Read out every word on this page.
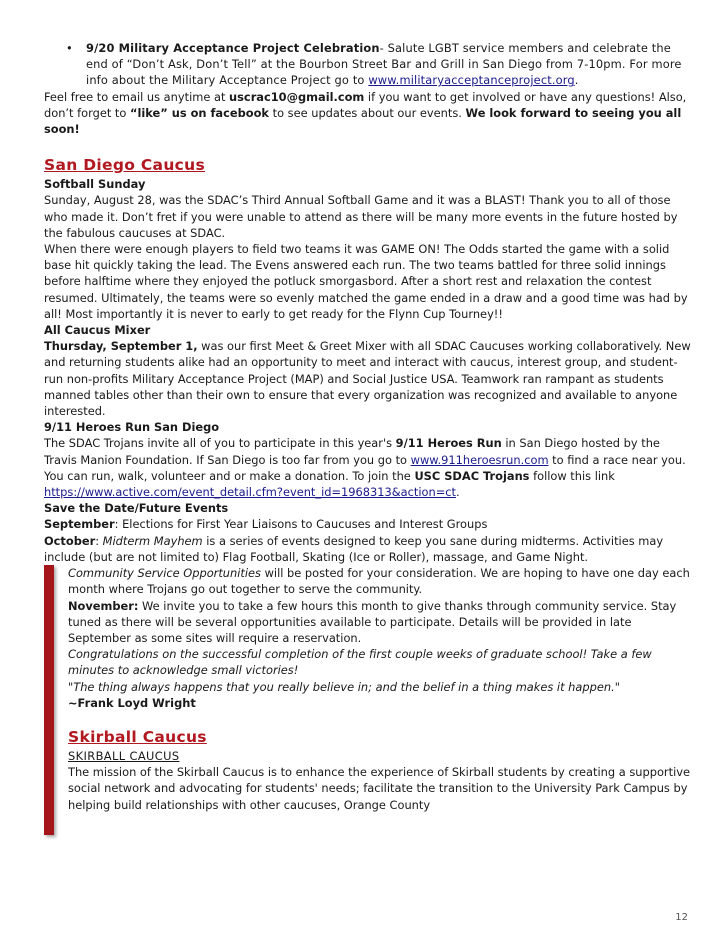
• 9/20 Military Acceptance Project Celebration- Salute LGBT service members and celebrate the end of “Don’t Ask, Don’t Tell” at the Bourbon Street Bar and Grill in San Diego from 7-10pm. For more info about the Military Acceptance Project go to www.militaryacceptanceproject.org.

Feel free to email us anytime at uscrac10@gmail.com if you want to get involved or have any questions! Also, don’t forget to “like” us on facebook to see updates about our events. We look forward to seeing you all soon!

San Diego Caucus

Softball Sunday

Sunday, August 28, was the SDAC’s Third Annual Softball Game and it was a BLAST! Thank you to all of those who made it. Don’t fret if you were unable to attend as there will be many more events in the future hosted by the fabulous caucuses at SDAC.

When there were enough players to field two teams it was GAME ON! The Odds started the game with a solid base hit quickly taking the lead. The Evens answered each run. The two teams battled for three solid innings before halftime where they enjoyed the potluck smorgasbord. After a short rest and relaxation the contest resumed. Ultimately, the teams were so evenly matched the game ended in a draw and a good time was had by all! Most importantly it is never to early to get ready for the Flynn Cup Tourney!!

All Caucus Mixer

Thursday, September 1, was our first Meet & Greet Mixer with all SDAC Caucuses working collaboratively. New and returning students alike had an opportunity to meet and interact with caucus, interest group, and student-run non-profits Military Acceptance Project (MAP) and Social Justice USA. Teamwork ran rampant as students manned tables other than their own to ensure that every organization was recognized and available to anyone interested.

9/11 Heroes Run San Diego

The SDAC Trojans invite all of you to participate in this year's 9/11 Heroes Run in San Diego hosted by the Travis Manion Foundation. If San Diego is too far from you go to www.911heroesrun.com to find a race near you. You can run, walk, volunteer and or make a donation. To join the USC SDAC Trojans follow this link https://www.active.com/event_detail.cfm?event_id=1968313&action=ct.

Save the Date/Future Events

September: Elections for First Year Liaisons to Caucuses and Interest Groups

October: Midterm Mayhem is a series of events designed to keep you sane during midterms. Activities may include (but are not limited to) Flag Football, Skating (Ice or Roller), massage, and Game Night.

Community Service Opportunities will be posted for your consideration. We are hoping to have one day each month where Trojans go out together to serve the community.

November: We invite you to take a few hours this month to give thanks through community service. Stay tuned as there will be several opportunities available to participate. Details will be provided in late September as some sites will require a reservation.

Congratulations on the successful completion of the first couple weeks of graduate school! Take a few minutes to acknowledge small victories!

"The thing always happens that you really believe in; and the belief in a thing makes it happen."

~Frank Loyd Wright

Skirball Caucus

SKIRBALL CAUCUS

The mission of the Skirball Caucus is to enhance the experience of Skirball students by creating a supportive social network and advocating for students' needs; facilitate the transition to the University Park Campus by helping build relationships with other caucuses, Orange County

12
